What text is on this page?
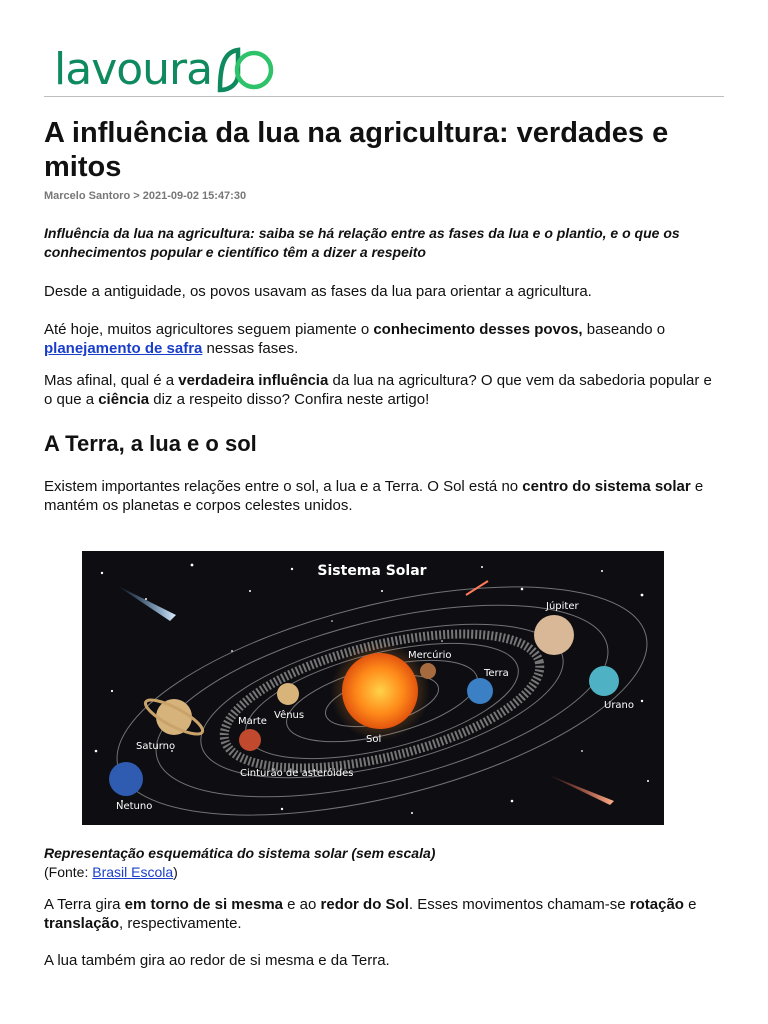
lavoura
A influência da lua na agricultura: verdades e mitos
Marcelo Santoro > 2021-09-02 15:47:30

Influência da lua na agricultura: saiba se há relação entre as fases da lua e o plantio, e o que os conhecimentos popular e científico têm a dizer a respeito

Desde a antiguidade, os povos usavam as fases da lua para orientar a agricultura.

Até hoje, muitos agricultores seguem piamente o conhecimento desses povos, baseando o planejamento de safra nessas fases.

Mas afinal, qual é a verdadeira influência da lua na agricultura? O que vem da sabedoria popular e o que a ciência diz a respeito disso? Confira neste artigo!

A Terra, a lua e o sol

Existem importantes relações entre o sol, a lua e a Terra. O Sol está no centro do sistema solar e mantém os planetas e corpos celestes unidos.

Sistema Solar
Júpiter
Mercúrio
Terra
Urano
Saturno
Marte
Vênus
Sol
Cinturão de asteróides
Netuno
Representação esquemática do sistema solar (sem escala)
(Fonte: Brasil Escola)

A Terra gira em torno de si mesma e ao redor do Sol. Esses movimentos chamam-se rotação e translação, respectivamente.

A lua também gira ao redor de si mesma e da Terra.
